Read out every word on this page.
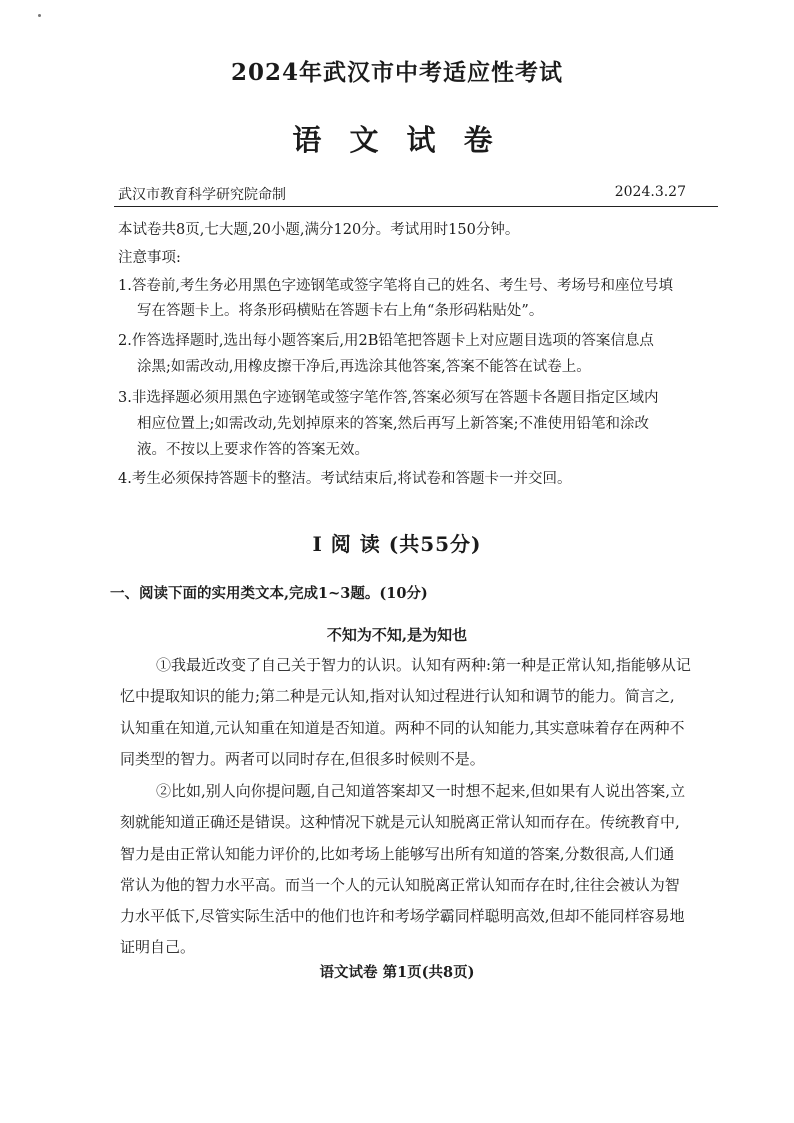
2024年武汉市中考适应性考试
语 文 试 卷
武汉市教育科学研究院命制	2024.3.27
本试卷共8页,七大题,20小题,满分120分。考试用时150分钟。
注意事项:
1.答卷前,考生务必用黑色字迹钢笔或签字笔将自己的姓名、考生号、考场号和座位号填
写在答题卡上。将条形码横贴在答题卡右上角“条形码粘贴处”。
2.作答选择题时,选出每小题答案后,用2B铅笔把答题卡上对应题目选项的答案信息点
涂黑;如需改动,用橡皮擦干净后,再选涂其他答案,答案不能答在试卷上。
3.非选择题必须用黑色字迹钢笔或签字笔作答,答案必须写在答题卡各题目指定区域内
相应位置上;如需改动,先划掉原来的答案,然后再写上新答案;不准使用铅笔和涂改
液。不按以上要求作答的答案无效。
4.考生必须保持答题卡的整洁。考试结束后,将试卷和答题卡一并交回。
Ⅰ 阅 读 (共55分)
一、阅读下面的实用类文本,完成1~3题。(10分)
不知为不知,是为知也
①我最近改变了自己关于智力的认识。认知有两种:第一种是正常认知,指能够从记
忆中提取知识的能力;第二种是元认知,指对认知过程进行认知和调节的能力。简言之,
认知重在知道,元认知重在知道是否知道。两种不同的认知能力,其实意味着存在两种不
同类型的智力。两者可以同时存在,但很多时候则不是。
②比如,别人向你提问题,自己知道答案却又一时想不起来,但如果有人说出答案,立
刻就能知道正确还是错误。这种情况下就是元认知脱离正常认知而存在。传统教育中,
智力是由正常认知能力评价的,比如考场上能够写出所有知道的答案,分数很高,人们通
常认为他的智力水平高。而当一个人的元认知脱离正常认知而存在时,往往会被认为智
力水平低下,尽管实际生活中的他们也许和考场学霸同样聪明高效,但却不能同样容易地
证明自己。
语文试卷 第1页(共8页)
